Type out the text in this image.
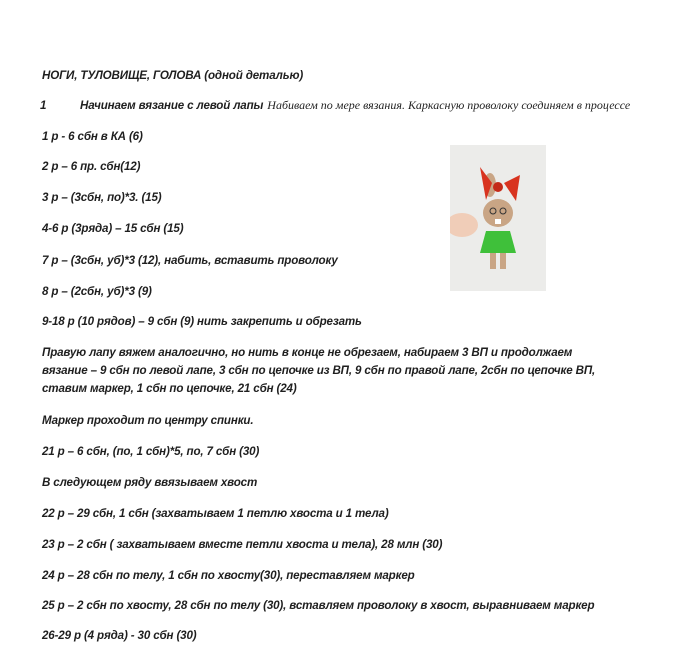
НОГИ, ТУЛОВИЩЕ, ГОЛОВА (одной деталью)
1	Начинаем вязание с левой лапы Набиваем по мере вязания. Каркасную проволоку соединяем в процессе
1 р - 6 сбн в КА (6)
2 р – 6 пр. сбн(12)
3 р – (3сбн, по)*3. (15)
4-6 р (3ряда) – 15 сбн (15)
7 р – (3сбн, уб)*3 (12), набить, вставить проволоку
8 р – (2сбн, уб)*3 (9)
9-18 р (10 рядов) – 9 сбн (9) нить закрепить и обрезать
Правую лапу вяжем аналогично, но нить в конце не обрезаем, набираем 3 ВП и продолжаем
вязание – 9 сбн по левой лапе, 3 сбн по цепочке из ВП, 9 сбн по правой лапе, 2сбн по цепочке ВП,
ставим маркер, 1 сбн по цепочке, 21 сбн (24)
Маркер проходит по центру спинки.
21 р – 6 сбн, (по, 1 сбн)*5, по, 7 сбн (30)
В следующем ряду ввязываем хвост
22 р – 29 сбн, 1 сбн (захватываем 1 петлю хвоста и 1 тела)
23 р – 2 сбн ( захватываем вместе петли хвоста и тела), 28 млн (30)
24 р – 28 сбн по телу, 1 сбн по хвосту(30), переставляем маркер
25 р – 2 сбн по хвосту, 28 сбн по телу (30), вставляем проволоку в хвост, выравниваем маркер
26-29 р (4 ряда) - 30 сбн (30)
